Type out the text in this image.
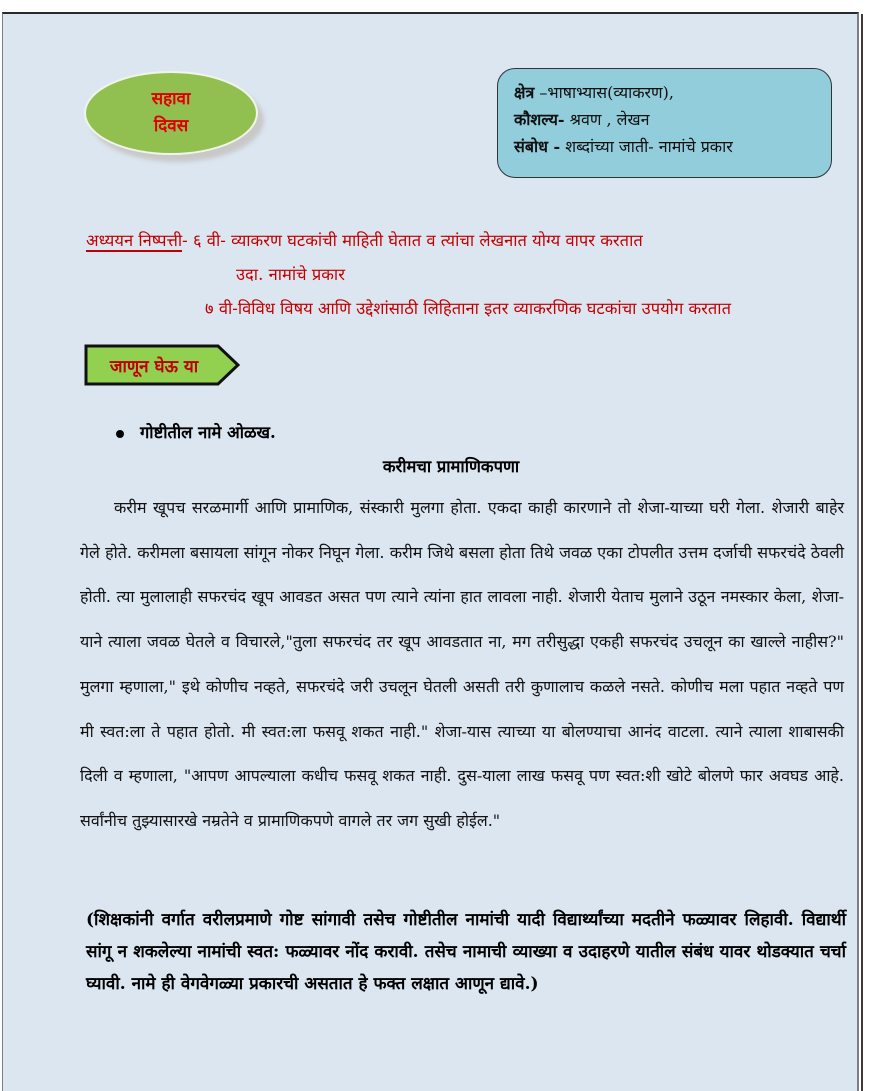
सहावा
दिवस
क्षेत्र –भाषाभ्यास(व्याकरण),
कौशल्य- श्रवण , लेखन
संबोध - शब्दांच्या जाती- नामांचे प्रकार
अध्ययन निष्पत्ती- ६ वी- व्याकरण घटकांची माहिती घेतात व त्यांचा लेखनात योग्य वापर करतात
उदा. नामांचे प्रकार
७ वी-विविध विषय आणि उद्देशांसाठी लिहिताना इतर व्याकरणिक घटकांचा उपयोग करतात
जाणून घेऊ या
गोष्टीतील नामे ओळख.
करीमचा प्रामाणिकपणा
करीम खूपच सरळमार्गी आणि प्रामाणिक, संस्कारी मुलगा होता. एकदा काही कारणाने तो शेजा-याच्या घरी गेला. शेजारी बाहेर गेले होते. करीमला बसायला सांगून नोकर निघून गेला. करीम जिथे बसला होता तिथे जवळ एका टोपलीत उत्तम दर्जाची सफरचंदे ठेवली होती. त्या मुलालाही सफरचंद खूप आवडत असत पण त्याने त्यांना हात लावला नाही. शेजारी येताच मुलाने उठून नमस्कार केला, शेजा-याने त्याला जवळ घेतले व विचारले,"तुला सफरचंद तर खूप आवडतात ना, मग तरीसुद्धा एकही सफरचंद उचलून का खाल्ले नाहीस?" मुलगा म्हणाला," इथे कोणीच नव्हते, सफरचंदे जरी उचलून घेतली असती तरी कुणालाच कळले नसते. कोणीच मला पहात नव्हते पण मी स्वत:ला ते पहात होतो. मी स्वत:ला फसवू शकत नाही." शेजा-यास त्याच्या या बोलण्याचा आनंद वाटला. त्याने त्याला शाबासकी दिली व म्हणाला, "आपण आपल्याला कधीच फसवू शकत नाही. दुस-याला लाख फसवू पण स्वत:शी खोटे बोलणे फार अवघड आहे. सर्वांनीच तुझ्यासारखे नम्रतेने व प्रामाणिकपणे वागले तर जग सुखी होईल."
(शिक्षकांनी वर्गात वरीलप्रमाणे गोष्ट सांगावी तसेच गोष्टीतील नामांची यादी विद्यार्थ्यांच्या मदतीने फळ्यावर लिहावी. विद्यार्थी सांगू न शकलेल्या नामांची स्वत: फळ्यावर नोंद करावी. तसेच नामाची व्याख्या व उदाहरणे यातील संबंध यावर थोडक्यात चर्चा घ्यावी. नामे ही वेगवेगळ्या प्रकारची असतात हे फक्त लक्षात आणून द्यावे.)
